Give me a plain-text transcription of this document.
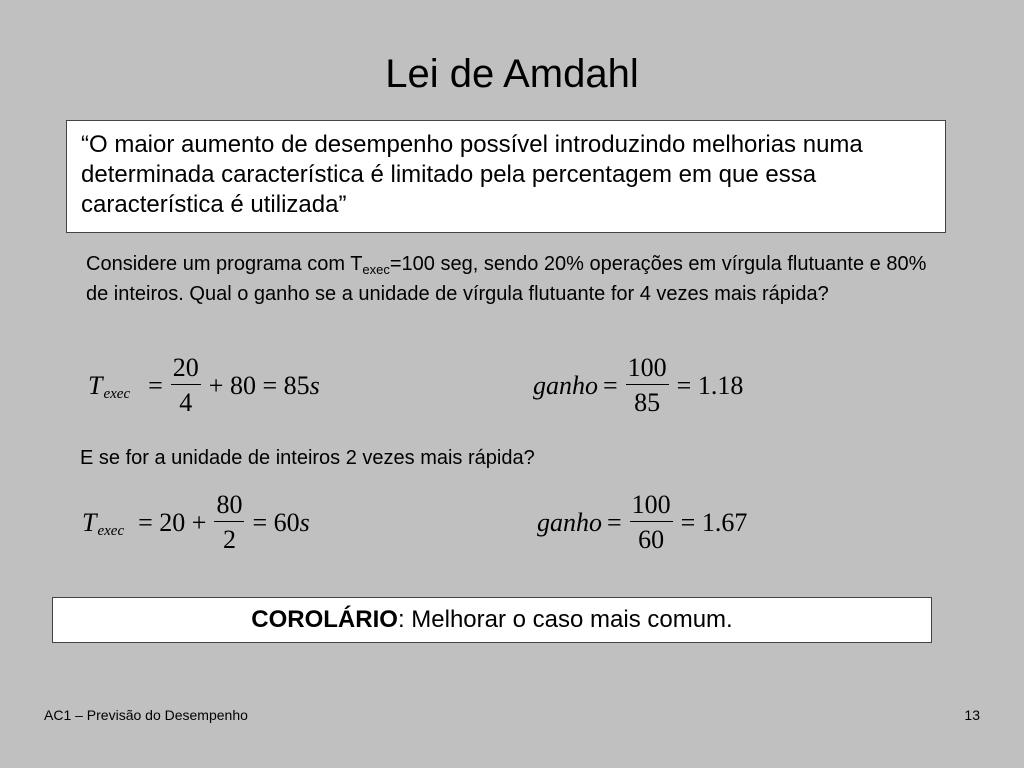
Lei de Amdahl
“O maior aumento de desempenho possível introduzindo melhorias numa determinada característica é limitado pela percentagem em que essa característica é utilizada”
Considere um programa com $T_{exec}=100$ seg, sendo 20% operações em vírgula flutuante e 80% de inteiros. Qual o ganho se a unidade de vírgula flutuante for 4 vezes mais rápida?
T exec = $\frac{20}{4} + 80 = 85$ s	ganho = $\frac{100}{85} = 1.18$
E se for a unidade de inteiros 2 vezes mais rápida?
T exec = $20 + \frac{80}{2} = 60$ s	ganho = $\frac{100}{60} = 1.67$
COROLÁRIO: Melhorar o caso mais comum.
AC1 – Previsão do Desempenho	13
